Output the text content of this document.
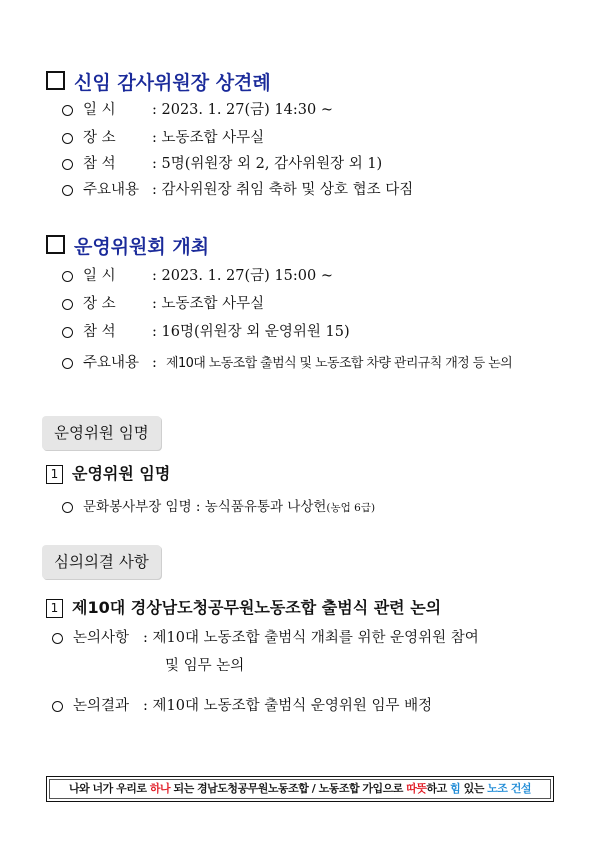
신임 감사위원장 상견례
일 시	: 2023. 1. 27(금) 14:30 ~
장 소	: 노동조합 사무실
참 석	: 5명(위원장 외 2, 감사위원장 외 1)
주요내용 : 감사위원장 취임 축하 및 상호 협조 다짐
운영위원회 개최
일 시	: 2023. 1. 27(금) 15:00 ~
장 소	: 노동조합 사무실
참 석	: 16명(위원장 외 운영위원 15)
주요내용 : 제10대 노동조합 출범식 및 노동조합 차량 관리규칙 개정 등 논의
운영위원 임명
1 운영위원 임명
문화봉사부장 임명 : 농식품유통과 나상헌(농업 6급)
심의의결 사항
1 제10대 경상남도청공무원노동조합 출범식 관련 논의
논의사항 : 제10대 노동조합 출범식 개최를 위한 운영위원 참여
및 임무 논의
논의결과 : 제10대 노동조합 출범식 운영위원 임무 배정
나와 너가 우리로 하나 되는 경남도청공무원노동조합 / 노동조합 가입으로 따뜻하고 힘 있는 노조 건설
